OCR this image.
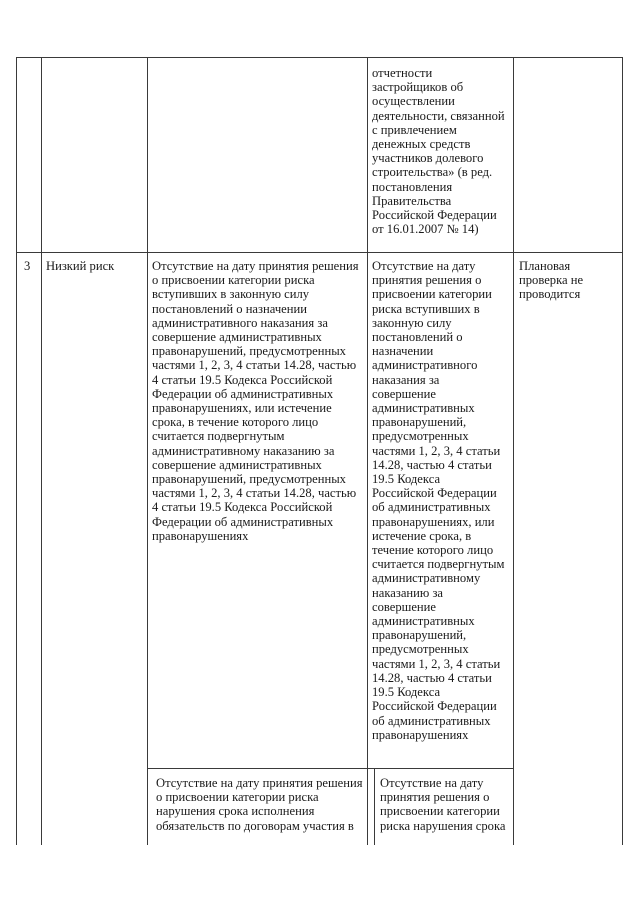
отчетности
застройщиков об
осуществлении
деятельности, связанной
с привлечением
денежных средств
участников долевого
строительства» (в ред.
постановления
Правительства
Российской Федерации
от 16.01.2007 № 14)
3 Низкий риск	Отсутствие на дату принятия решения
о присвоении категории риска
вступивших в законную силу
постановлений о назначении
административного наказания за
совершение административных
правонарушений, предусмотренных
частями 1, 2, 3, 4 статьи 14.28, частью
4 статьи 19.5 Кодекса Российской
Федерации об административных
правонарушениях, или истечение
срока, в течение которого лицо
считается подвергнутым
административному наказанию за
совершение административных
правонарушений, предусмотренных
частями 1, 2, 3, 4 статьи 14.28, частью
4 статьи 19.5 Кодекса Российской
Федерации об административных
правонарушениях
Отсутствие на дату
принятия решения о
присвоении категории
риска вступивших в
законную силу
постановлений о
назначении
административного
наказания за
совершение
административных
правонарушений,
предусмотренных
частями 1, 2, 3, 4 статьи
14.28, частью 4 статьи
19.5 Кодекса
Российской Федерации
об административных
правонарушениях, или
истечение срока, в
течение которого лицо
считается подвергнутым
административному
наказанию за
совершение
административных
правонарушений,
предусмотренных
частями 1, 2, 3, 4 статьи
14.28, частью 4 статьи
19.5 Кодекса
Российской Федерации
об административных
правонарушениях
Плановая
проверка не
проводится
Отсутствие на дату принятия решения
о присвоении категории риска
нарушения срока исполнения
обязательств по договорам участия в
Отсутствие на дату
принятия решения о
присвоении категории
риска нарушения срока
